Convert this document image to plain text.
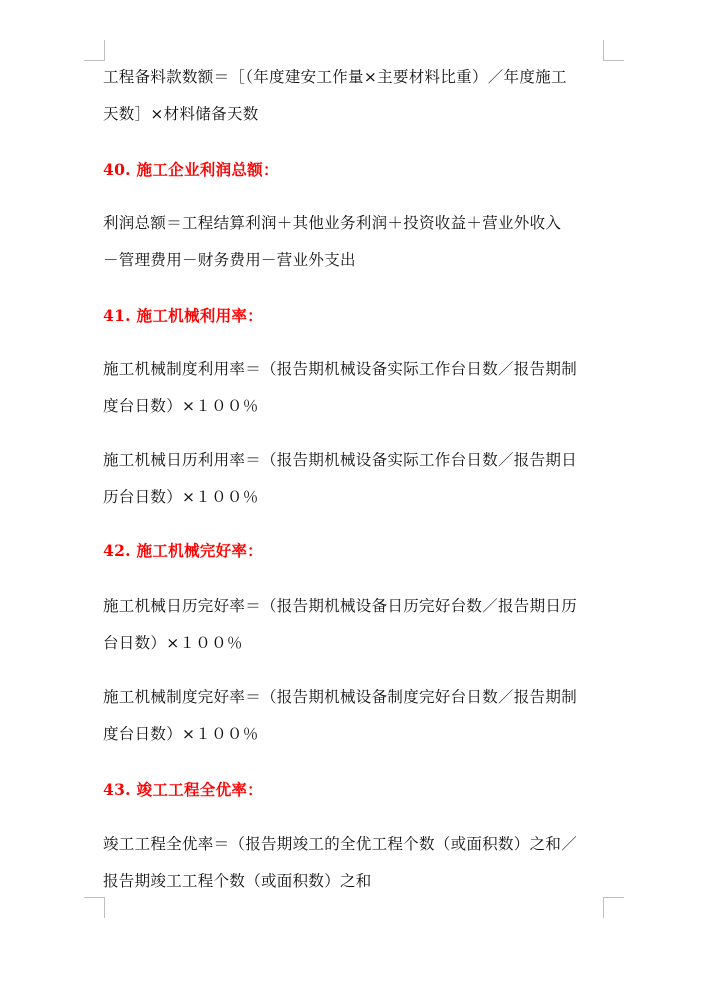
工程备料款数额＝［（年度建安工作量×主要材料比重）／年度施工
天数］×材料储备天数
40. 施工企业利润总额：
利润总额＝工程结算利润＋其他业务利润＋投资收益＋营业外收入
－管理费用－财务费用－营业外支出
41. 施工机械利用率：
施工机械制度利用率＝（报告期机械设备实际工作台日数／报告期制
度台日数）×１００％
施工机械日历利用率＝（报告期机械设备实际工作台日数／报告期日
历台日数）×１００％
42. 施工机械完好率：
施工机械日历完好率＝（报告期机械设备日历完好台数／报告期日历
台日数）×１００％
施工机械制度完好率＝（报告期机械设备制度完好台日数／报告期制
度台日数）×１００％
43. 竣工工程全优率：
竣工工程全优率＝（报告期竣工的全优工程个数（或面积数）之和／
报告期竣工工程个数（或面积数）之和
